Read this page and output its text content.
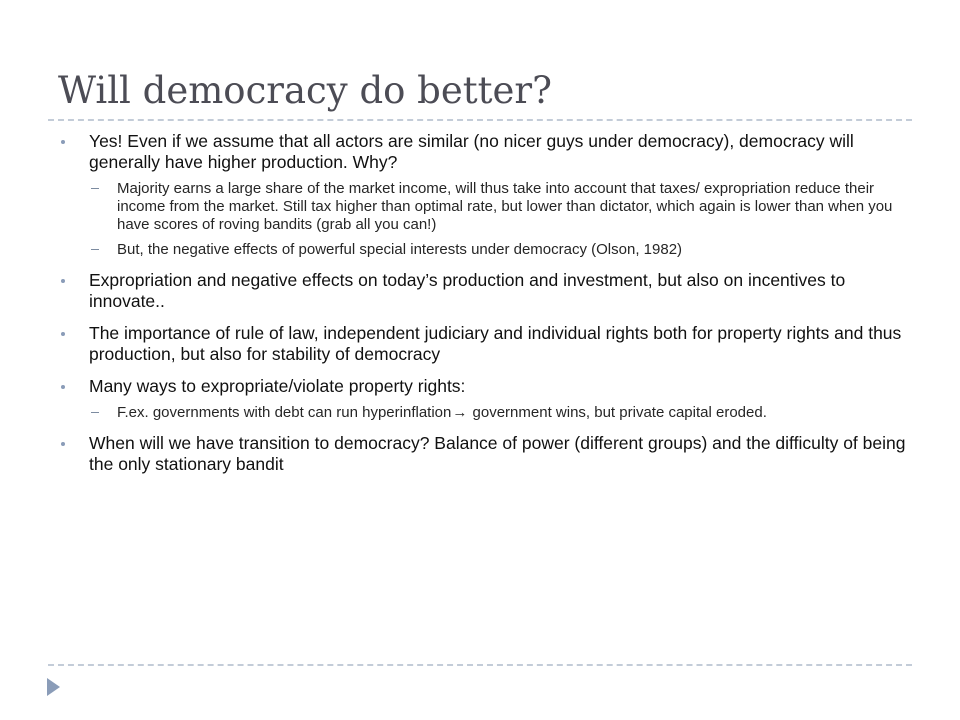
Will democracy do better?
Yes! Even if we assume that all actors are similar (no nicer guys under democracy), democracy will generally have higher production. Why?
Majority earns a large share of the market income, will thus take into account that taxes/ expropriation reduce their income from the market. Still tax higher than optimal rate, but lower than dictator, which again is lower than when you have scores of roving bandits (grab all you can!)
But, the negative effects of powerful special interests under democracy (Olson, 1982)
Expropriation and negative effects on today’s production and investment, but also on incentives to innovate..
The importance of rule of law, independent judiciary and individual rights both for property rights and thus production, but also for stability of democracy
Many ways to expropriate/violate property rights:
F.ex. governments with debt can run hyperinflation→ government wins, but private capital eroded.
When will we have transition to democracy? Balance of power (different groups) and the difficulty of being the only stationary bandit
